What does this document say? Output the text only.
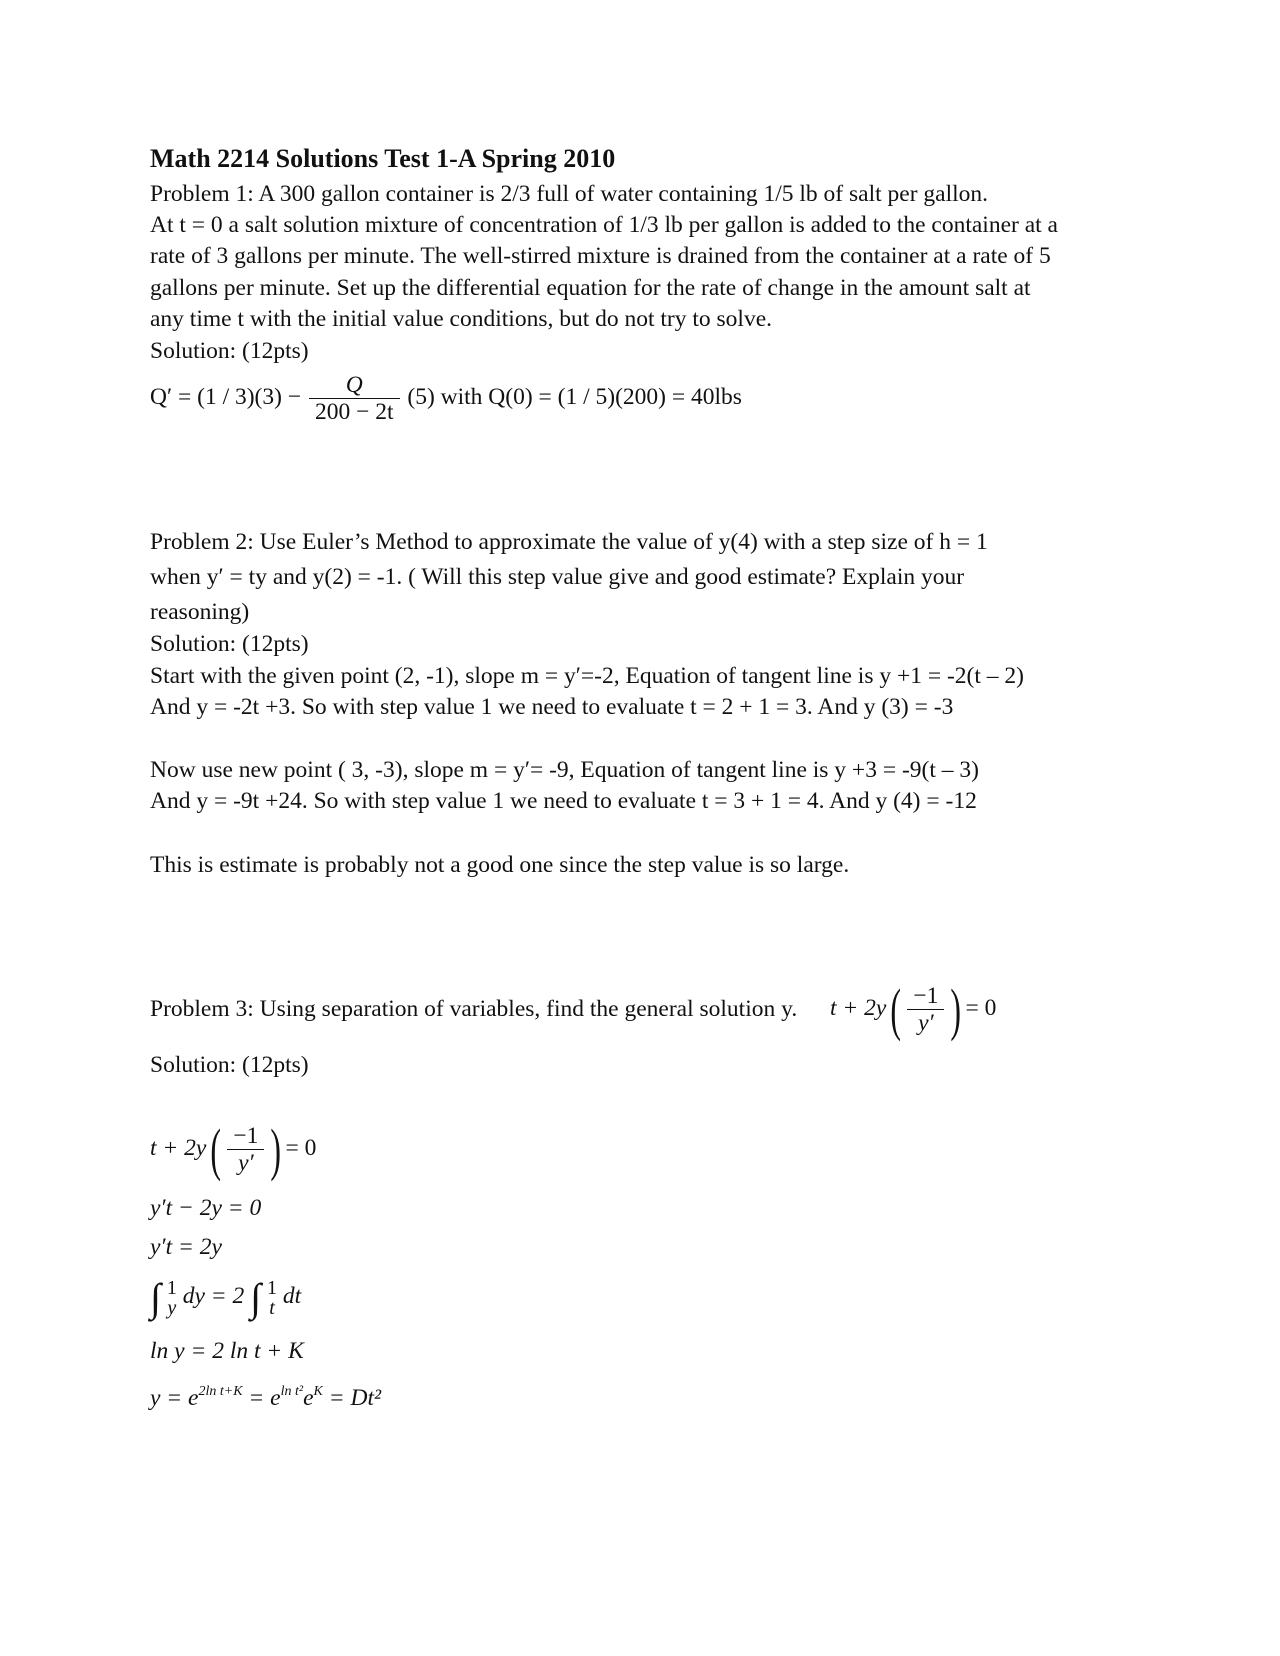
Math 2214 Solutions Test 1-A Spring 2010
Problem 1: A 300 gallon container is 2/3 full of water containing 1/5 lb of salt per gallon.
At t = 0 a salt solution mixture of concentration of 1/3 lb per gallon is added to the container at a
rate of 3 gallons per minute. The well-stirred mixture is drained from the container at a rate of 5
gallons per minute. Set up the differential equation for the rate of change in the amount salt at
any time t with the initial value conditions, but do not try to solve.
Solution: (12pts)
$Q' = (1 / 3)(3) - \frac{Q}{200 - 2t} (5)$ with Q(0) = (1 / 5)(200) = 40lbs
Problem 2: Use Euler’s Method to approximate the value of y(4) with a step size of h = 1
when y′ = ty and y(2) = -1. ( Will this step value give and good estimate? Explain your
reasoning)
Solution: (12pts)
Start with the given point (2, -1), slope m = y′=-2, Equation of tangent line is y +1 = -2(t – 2)
And y = -2t +3. So with step value 1 we need to evaluate t = 2 + 1 = 3. And y (3) = -3
Now use new point ( 3, -3), slope m = y′= -9, Equation of tangent line is y +3 = -9(t – 3)
And y = -9t +24. So with step value 1 we need to evaluate t = 3 + 1 = 4. And y (4) = -12
This is estimate is probably not a good one since the step value is so large.
Problem 3: Using separation of variables, find the general solution y. t + 2y ( $\frac{-1}{y'}$ ) = 0
Solution: (12pts)
t + 2y ( $\frac{-1}{y'}$ ) = 0
y′t − 2y = 0
y′t = 2y
∫ 1
y dy = 2 ∫ 1
t dt
ln y = 2 ln t + K
$y = e^{2ln t+K} = e^{ln t^2}e^K = Dt^2$
